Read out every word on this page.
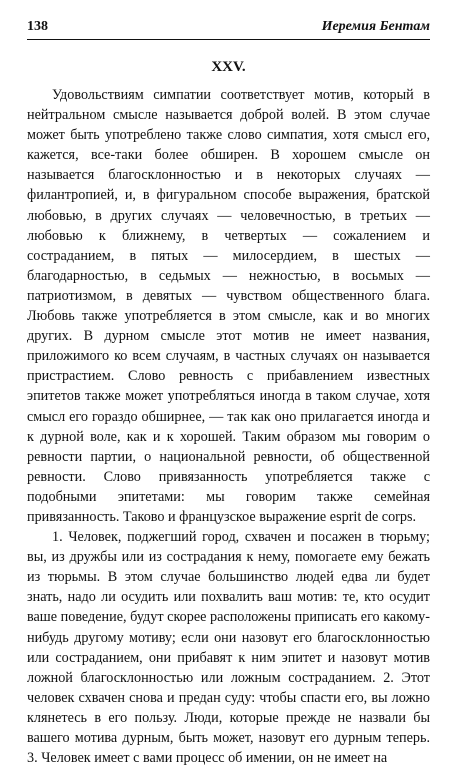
138	Иеремия Бентам
XXV.

Удовольствиям симпатии соответствует мотив, который в нейтральном смысле называется доброй волей. В этом случае может быть употреблено также слово симпатия, хотя смысл его, кажется, все-таки более обширен. В хорошем смысле он называется благосклонностью и в некоторых случаях — филантропией, и, в фигуральном способе выражения, братской любовью, в других случаях — человечностью, в третьих — любовью к ближнему, в четвертых — сожалением и состраданием, в пятых — милосердием, в шестых — благодарностью, в седьмых — нежностью, в восьмых — патриотизмом, в девятых — чувством общественного блага. Любовь также употребляется в этом смысле, как и во многих других. В дурном смысле этот мотив не имеет названия, приложимого ко всем случаям, в частных случаях он называется пристрастием. Слово ревность с прибавлением известных эпитетов также может употребляться иногда в таком случае, хотя смысл его гораздо обширнее, — так как оно прилагается иногда и к дурной воле, как и к хорошей. Таким образом мы говорим о ревности партии, о национальной ревности, об общественной ревности. Слово привязанность употребляется также с подобными эпитетами: мы говорим также семейная привязанность. Таково и французское выражение esprit de corps.

1. Человек, поджегший город, схвачен и посажен в тюрьму; вы, из дружбы или из сострадания к нему, помогаете ему бежать из тюрьмы. В этом случае большинство людей едва ли будет знать, надо ли осудить или похвалить ваш мотив: те, кто осудит ваше поведение, будут скорее расположены приписать его какому-нибудь другому мотиву; если они назовут его благосклонностью или состраданием, они прибавят к ним эпитет и назовут мотив ложной благосклонностью или ложным состраданием. 2. Этот человек схвачен снова и предан суду: чтобы спасти его, вы ложно клянетесь в его пользу. Люди, которые прежде не назвали бы вашего мотива дурным, быть может, назовут его дурным теперь. 3. Человек имеет с вами процесс об имении, он не имеет на
